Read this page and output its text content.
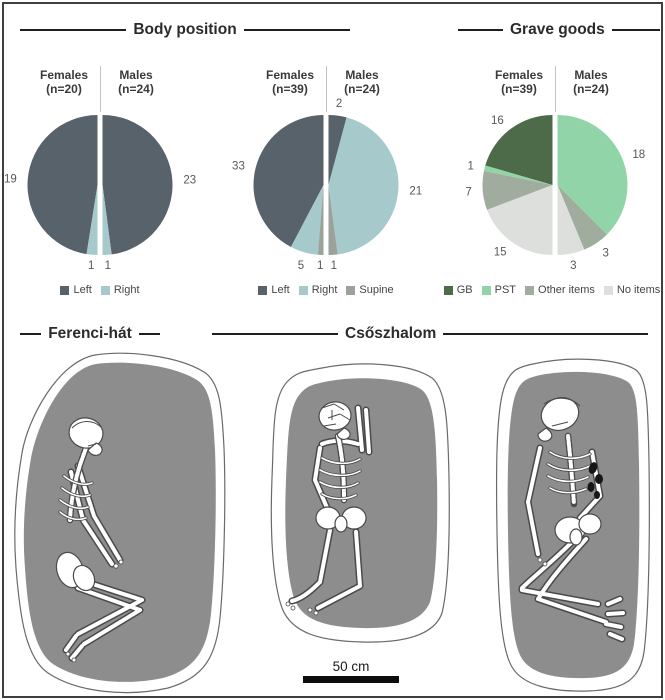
Body position	Grave goods
Females
(n=20)
Males
(n=24)
19
1
23
1
Left Right
Females
(n=39)
Males
(n=24)
33
5 1
2
21
1
Left Right Supine
Females
(n=39)
Males
(n=24)
16
1
7
15
18
3
3
GB PST Other items No items
Ferenci-hát	Csőszhalom
50 cm
